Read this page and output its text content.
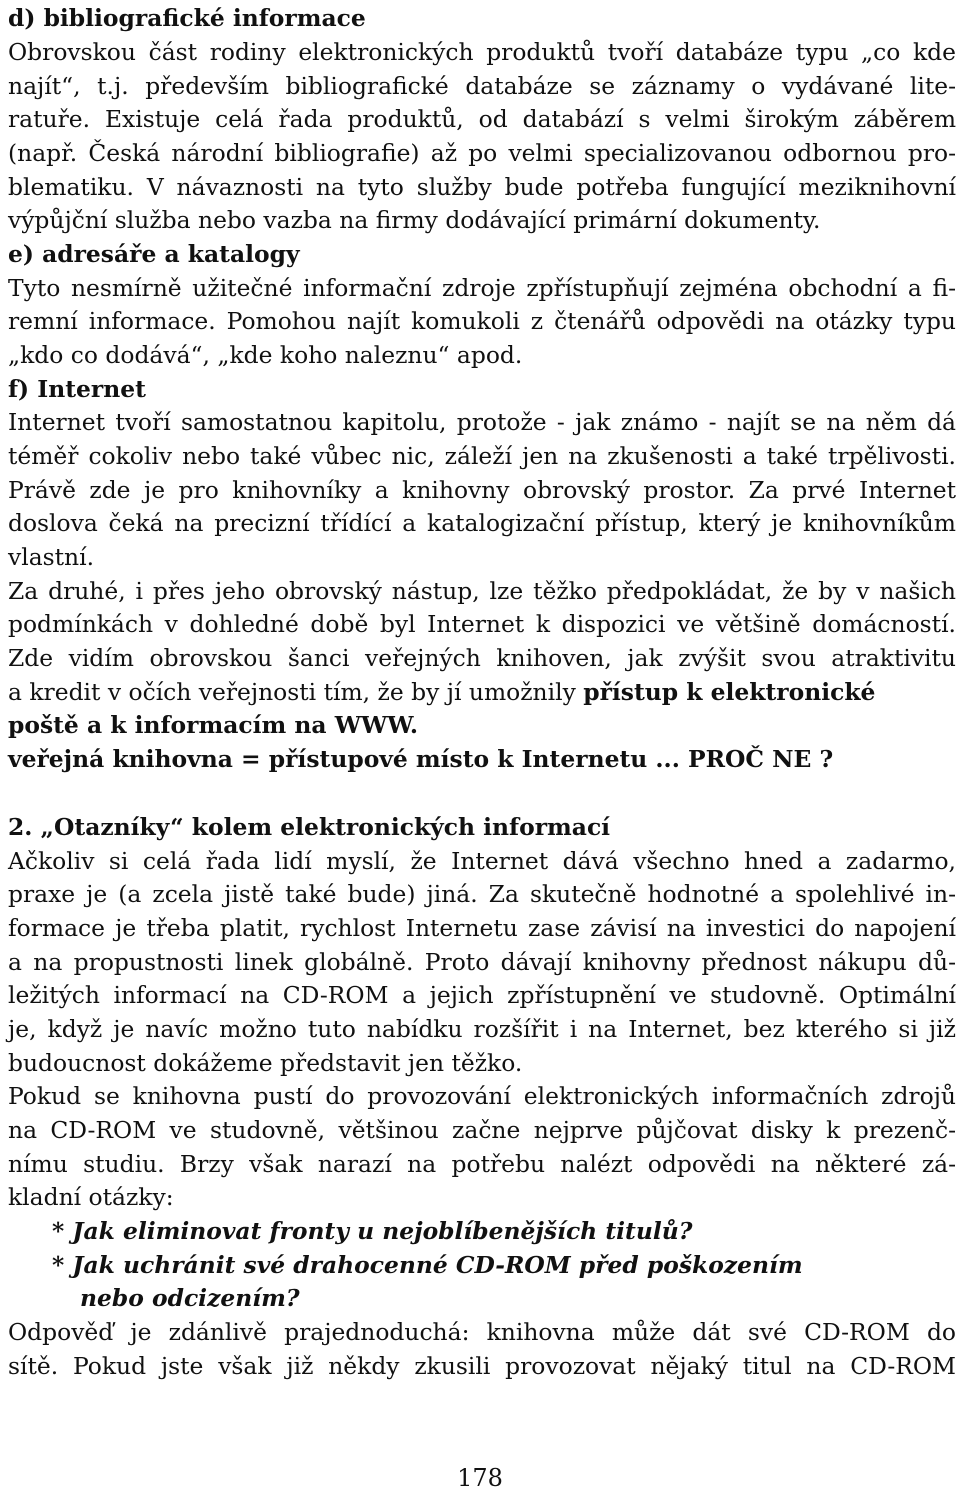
d) bibliografické informace
Obrovskou část rodiny elektronických produktů tvoří databáze typu „co kde
najít“, t.j. především bibliografické databáze se záznamy o vydávané lite-
ratuře. Existuje celá řada produktů, od databází s velmi širokým záběrem
(např. Česká národní bibliografie) až po velmi specializovanou odbornou pro-
blematiku. V návaznosti na tyto služby bude potřeba fungující meziknihovní
výpůjční služba nebo vazba na firmy dodávající primární dokumenty.
e) adresáře a katalogy
Tyto nesmírně užitečné informační zdroje zpřístupňují zejména obchodní a fi-
remní informace. Pomohou najít komukoli z čtenářů odpovědi na otázky typu
„kdo co dodává“, „kde koho naleznu“ apod.
f) Internet
Internet tvoří samostatnou kapitolu, protože - jak známo - najít se na něm dá
téměř cokoliv nebo také vůbec nic, záleží jen na zkušenosti a také trpělivosti.
Právě zde je pro knihovníky a knihovny obrovský prostor. Za prvé Internet
doslova čeká na precizní třídící a katalogizační přístup, který je knihovníkům
vlastní.
Za druhé, i přes jeho obrovský nástup, lze těžko předpokládat, že by v našich
podmínkách v dohledné době byl Internet k dispozici ve většině domácností.
Zde vidím obrovskou šanci veřejných knihoven, jak zvýšit svou atraktivitu
a kredit v očích veřejnosti tím, že by jí umožnily přístup k elektronické
poště a k informacím na WWW.
veřejná knihovna = přístupové místo k Internetu ... PROČ NE ?
2. „Otazníky“ kolem elektronických informací
Ačkoliv si celá řada lidí myslí, že Internet dává všechno hned a zadarmo,
praxe je (a zcela jistě také bude) jiná. Za skutečně hodnotné a spolehlivé in-
formace je třeba platit, rychlost Internetu zase závisí na investici do napojení
a na propustnosti linek globálně. Proto dávají knihovny přednost nákupu dů-
ležitých informací na CD-ROM a jejich zpřístupnění ve studovně. Optimální
je, když je navíc možno tuto nabídku rozšířit i na Internet, bez kterého si již
budoucnost dokážeme představit jen těžko.
Pokud se knihovna pustí do provozování elektronických informačních zdrojů
na CD-ROM ve studovně, většinou začne nejprve půjčovat disky k prezenč-
nímu studiu. Brzy však narazí na potřebu nalézt odpovědi na některé zá-
kladní otázky:
* Jak eliminovat fronty u nejoblíbenějších titulů?
* Jak uchránit své drahocenné CD-ROM před poškozením
nebo odcizením?
Odpověď je zdánlivě prajednoduchá: knihovna může dát své CD-ROM do
sítě. Pokud jste však již někdy zkusili provozovat nějaký titul na CD-ROM
178
